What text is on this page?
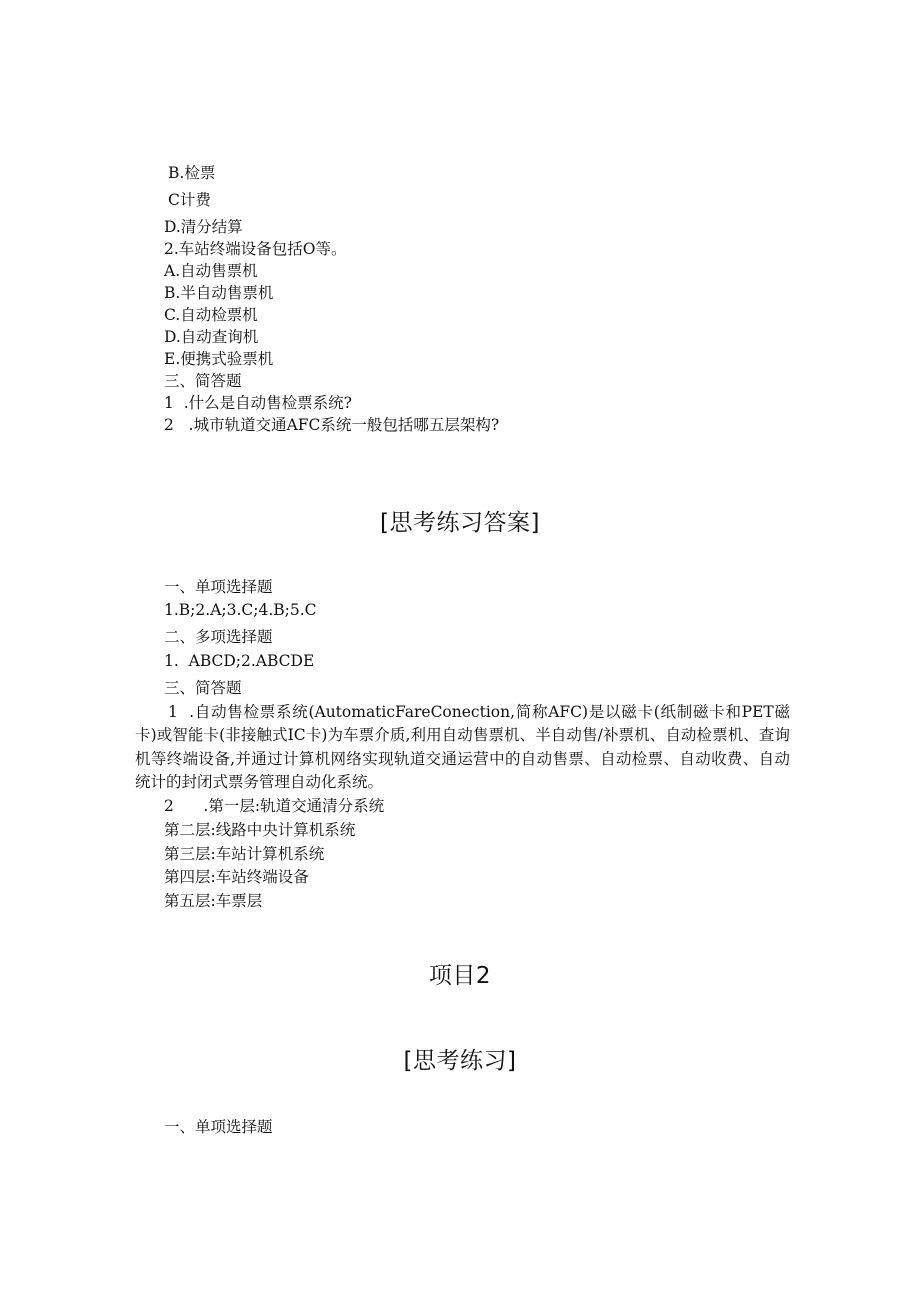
B.检票
C计费
D.清分结算
2.车站终端设备包括O等。
A.自动售票机
B.半自动售票机
C.自动检票机
D.自动查询机
E.便携式验票机
三、简答题
1  .什么是自动售检票系统?
2   .城市轨道交通AFC系统一般包括哪五层架构?
[思考练习答案]
一、单项选择题
1.B;2.A;3.C;4.B;5.C
二、多项选择题
1.  ABCD;2.ABCDE
三、简答题

1  .自动售检票系统(AutomaticFareConection,简称AFC)是以磁卡(纸制磁卡和PET磁卡)或智能卡(非接触式IC卡)为车票介质,利用自动售票机、半自动售/补票机、自动检票机、查询机等终端设备,并通过计算机网络实现轨道交通运营中的自动售票、自动检票、自动收费、自动统计的封闭式票务管理自动化系统。

2      .第一层:轨道交通清分系统
第二层:线路中央计算机系统
第三层:车站计算机系统
第四层:车站终端设备
第五层:车票层
项目2
[思考练习]
一、单项选择题
